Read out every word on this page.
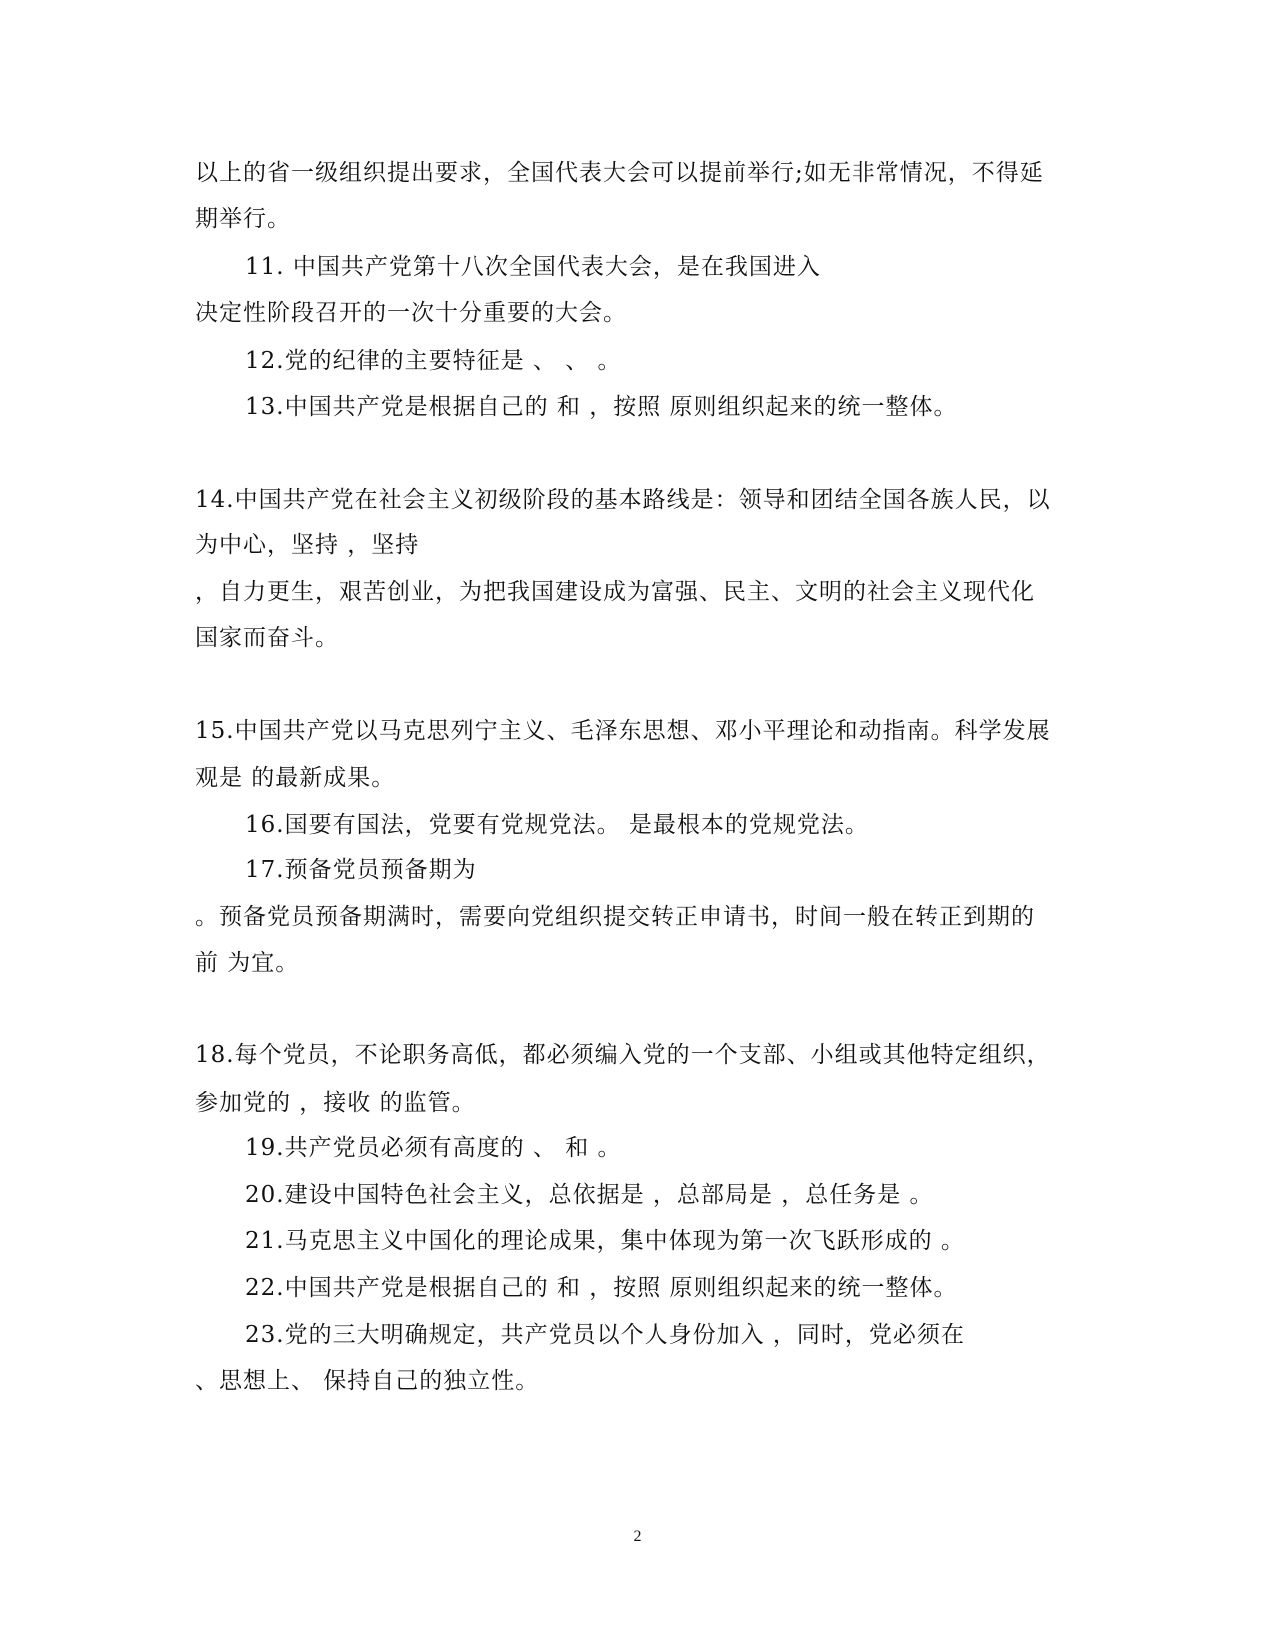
以上的省一级组织提出要求，全国代表大会可以提前举行;如无非常情况，不得延
期举行。
11. 中国共产党第十八次全国代表大会，是在我国进入
决定性阶段召开的一次十分重要的大会。
12.党的纪律的主要特征是 、 、 。
13.中国共产党是根据自己的 和 ，按照 原则组织起来的统一整体。
14.中国共产党在社会主义初级阶段的基本路线是：领导和团结全国各族人民，以
为中心，坚持 ，坚持
，自力更生，艰苦创业，为把我国建设成为富强、民主、文明的社会主义现代化
国家而奋斗。
15.中国共产党以马克思列宁主义、毛泽东思想、邓小平理论和动指南。科学发展
观是 的最新成果。
16.国要有国法，党要有党规党法。 是最根本的党规党法。
17.预备党员预备期为
。预备党员预备期满时，需要向党组织提交转正申请书，时间一般在转正到期的
前 为宜。
18.每个党员，不论职务高低，都必须编入党的一个支部、小组或其他特定组织，
参加党的 ，接收 的监管。
19.共产党员必须有高度的 、 和 。
20.建设中国特色社会主义，总依据是 ，总部局是 ，总任务是 。
21.马克思主义中国化的理论成果，集中体现为第一次飞跃形成的 。
22.中国共产党是根据自己的 和 ，按照 原则组织起来的统一整体。
23.党的三大明确规定，共产党员以个人身份加入 ，同时，党必须在
、思想上、 保持自己的独立性。
2
